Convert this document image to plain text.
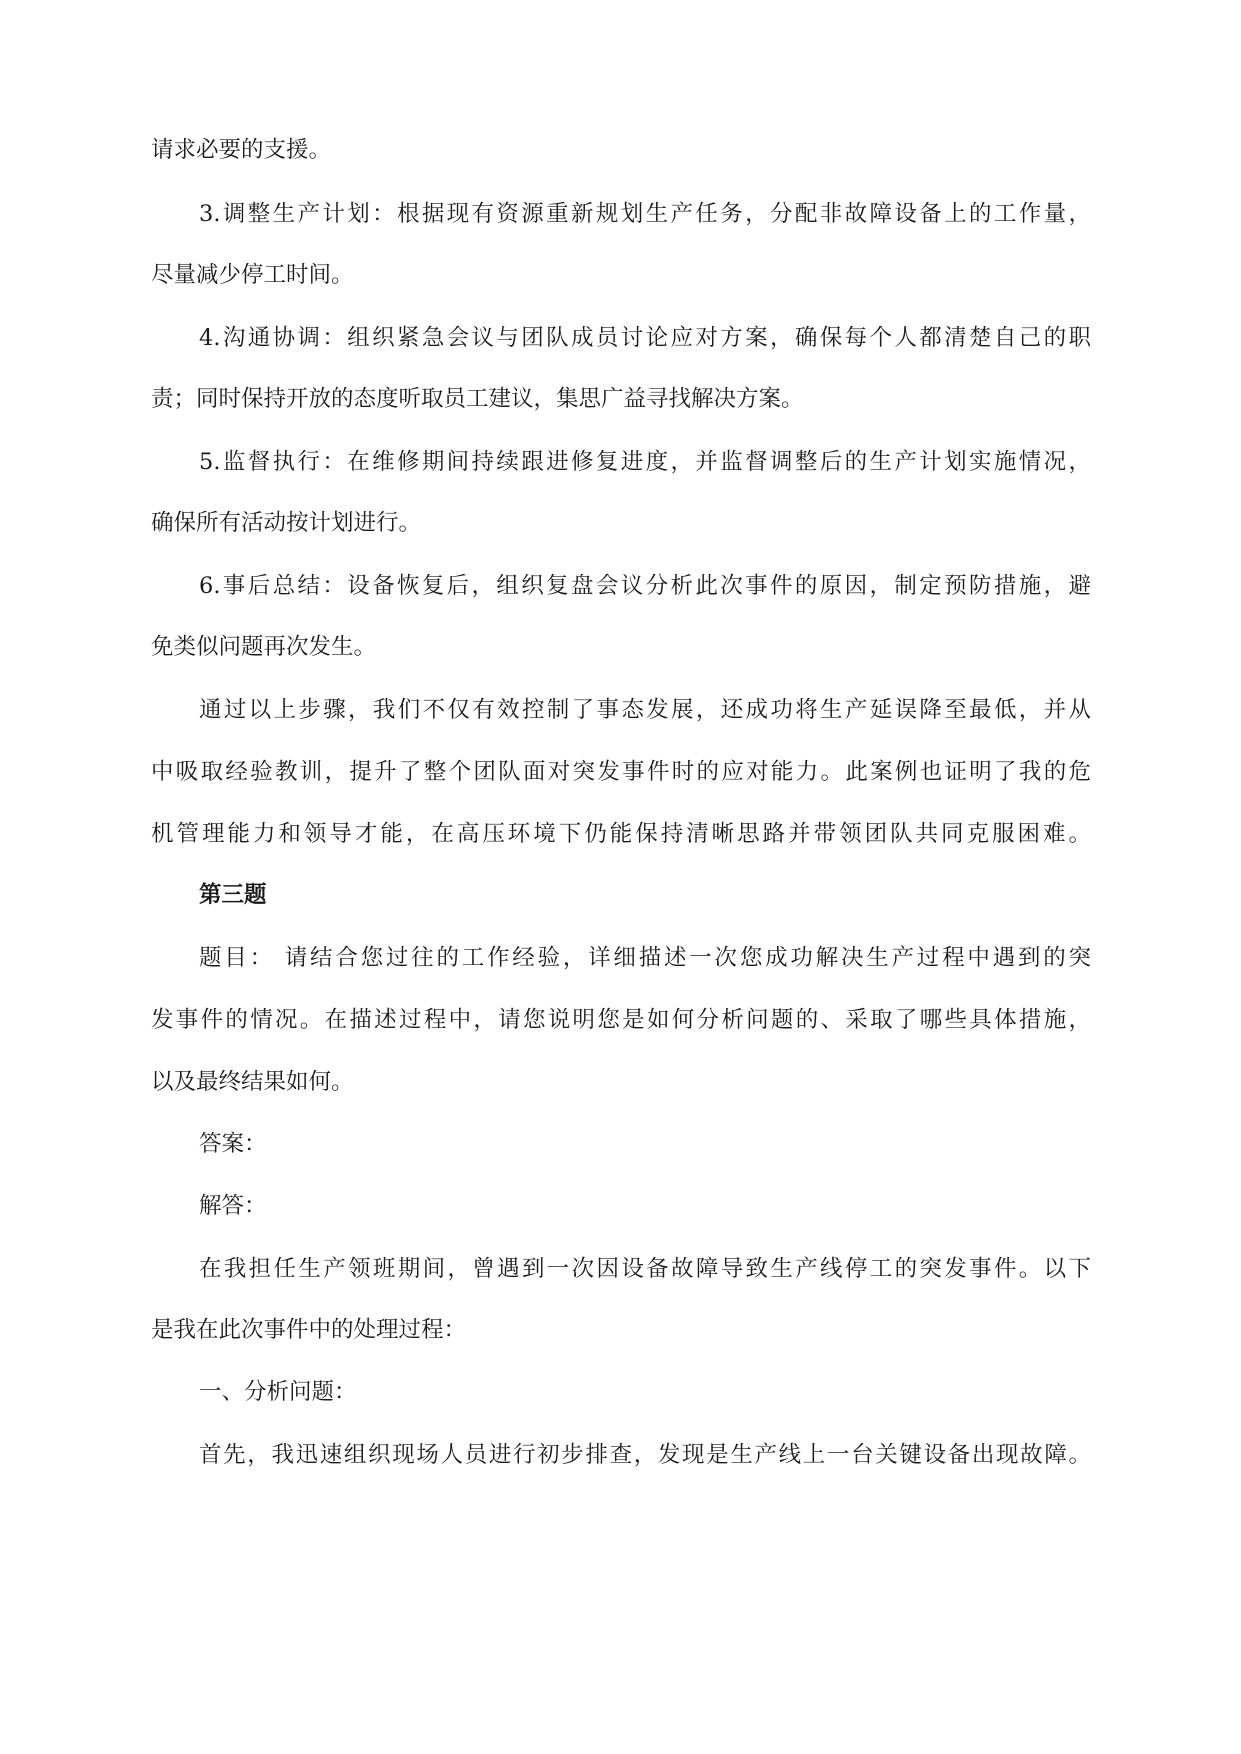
请求必要的支援。
3.调整生产计划：根据现有资源重新规划生产任务，分配非故障设备上的工作量，
尽量减少停工时间。
4.沟通协调：组织紧急会议与团队成员讨论应对方案，确保每个人都清楚自己的职
责；同时保持开放的态度听取员工建议，集思广益寻找解决方案。
5.监督执行：在维修期间持续跟进修复进度，并监督调整后的生产计划实施情况，
确保所有活动按计划进行。
6.事后总结：设备恢复后，组织复盘会议分析此次事件的原因，制定预防措施，避
免类似问题再次发生。
通过以上步骤，我们不仅有效控制了事态发展，还成功将生产延误降至最低，并从
中吸取经验教训，提升了整个团队面对突发事件时的应对能力。此案例也证明了我的危
机管理能力和领导才能，在高压环境下仍能保持清晰思路并带领团队共同克服困难。
第三题
题目： 请结合您过往的工作经验，详细描述一次您成功解决生产过程中遇到的突
发事件的情况。在描述过程中，请您说明您是如何分析问题的、采取了哪些具体措施，
以及最终结果如何。
答案：
解答：
在我担任生产领班期间，曾遇到一次因设备故障导致生产线停工的突发事件。以下
是我在此次事件中的处理过程：
一、分析问题：
首先，我迅速组织现场人员进行初步排查，发现是生产线上一台关键设备出现故障。
